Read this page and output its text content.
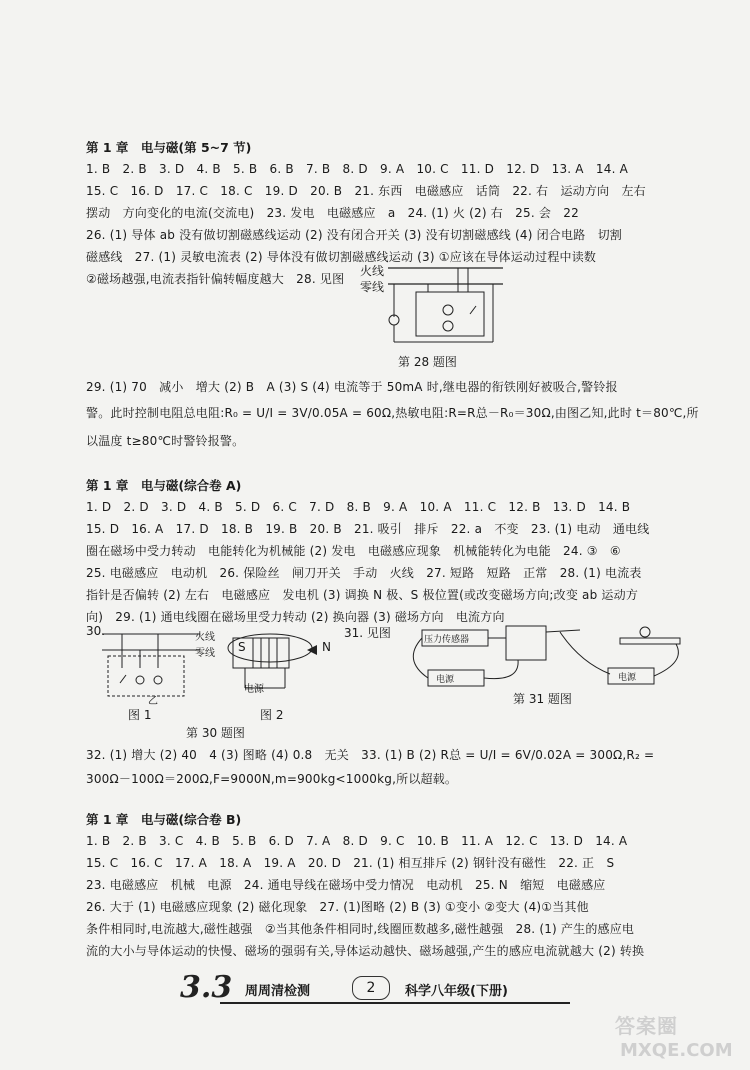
第 1 章　电与磁(第 5~7 节)
1. B　2. B　3. D　4. B　5. B　6. B　7. B　8. D　9. A　10. C　11. D　12. D　13. A　14. A
15. C　16. D　17. C　18. C　19. D　20. B　21. 东西　电磁感应　话筒　22. 右　运动方向　左右
摆动　方向变化的电流(交流电)　23. 发电　电磁感应　a　24. (1) 火 (2) 右　25. 会　22
26. (1) 导体 ab 没有做切割磁感线运动 (2) 没有闭合开关 (3) 没有切割磁感线 (4) 闭合电路　切割
磁感线　27. (1) 灵敏电流表 (2) 导体没有做切割磁感线运动 (3) ①应该在导体运动过程中读数
②磁场越强,电流表指针偏转幅度越大　28. 见图
火线
零线
第 28 题图
29. (1) 70　减小　增大 (2) B　A (3) S (4) 电流等于 50mA 时,继电器的衔铁刚好被吸合,警铃报
警。此时控制电阻总电阻:R₀ = U/I = 3V/0.05A = 60Ω,热敏电阻:R=R总－R₀＝30Ω,由图乙知,此时 t＝80℃,所
以温度 t≥80℃时警铃报警。
第 1 章　电与磁(综合卷 A)
1. D　2. D　3. D　4. B　5. D　6. C　7. D　8. B　9. A　10. A　11. C　12. B　13. D　14. B
15. D　16. A　17. D　18. B　19. B　20. B　21. 吸引　排斥　22. a　不变　23. (1) 电动　通电线
圈在磁场中受力转动　电能转化为机械能 (2) 发电　电磁感应现象　机械能转化为电能　24. ③　⑥
25. 电磁感应　电动机　26. 保险丝　闸刀开关　手动　火线　27. 短路　短路　正常　28. (1) 电流表
指针是否偏转 (2) 左右　电磁感应　发电机 (3) 调换 N 极、S 极位置(或改变磁场方向;改变 ab 运动方
向)　29. (1) 通电线圈在磁场里受力转动 (2) 换向器 (3) 磁场方向　电流方向
30.	火线
零线
乙
图 1
S	N
电源
图 2
第 30 题图
31. 见图	压力传感器
电源	电源
第 31 题图
32. (1) 增大 (2) 40　4 (3) 图略 (4) 0.8　无关　33. (1) B (2) R总 = U/I = 6V/0.02A = 300Ω,R₂ =
300Ω－100Ω＝200Ω,F=9000N,m=900kg<1000kg,所以超载。
第 1 章　电与磁(综合卷 B)
1. B　2. B　3. C　4. B　5. B　6. D　7. A　8. D　9. C　10. B　11. A　12. C　13. D　14. A
15. C　16. C　17. A　18. A　19. A　20. D　21. (1) 相互排斥 (2) 钢针没有磁性　22. 正　S
23. 电磁感应　机械　电源　24. 通电导线在磁场中受力情况　电动机　25. N　缩短　电磁感应
26. 大于 (1) 电磁感应现象 (2) 磁化现象　27. (1)图略 (2) B (3) ①变小 ②变大 (4)①当其他
条件相同时,电流越大,磁性越强　②当其他条件相同时,线圈匝数越多,磁性越强　28. (1) 产生的感应电
流的大小与导体运动的快慢、磁场的强弱有关,导体运动越快、磁场越强,产生的感应电流就越大 (2) 转换
3.3 周周清检测	2	科学八年级(下册)
答案圈
MXQE.COM
